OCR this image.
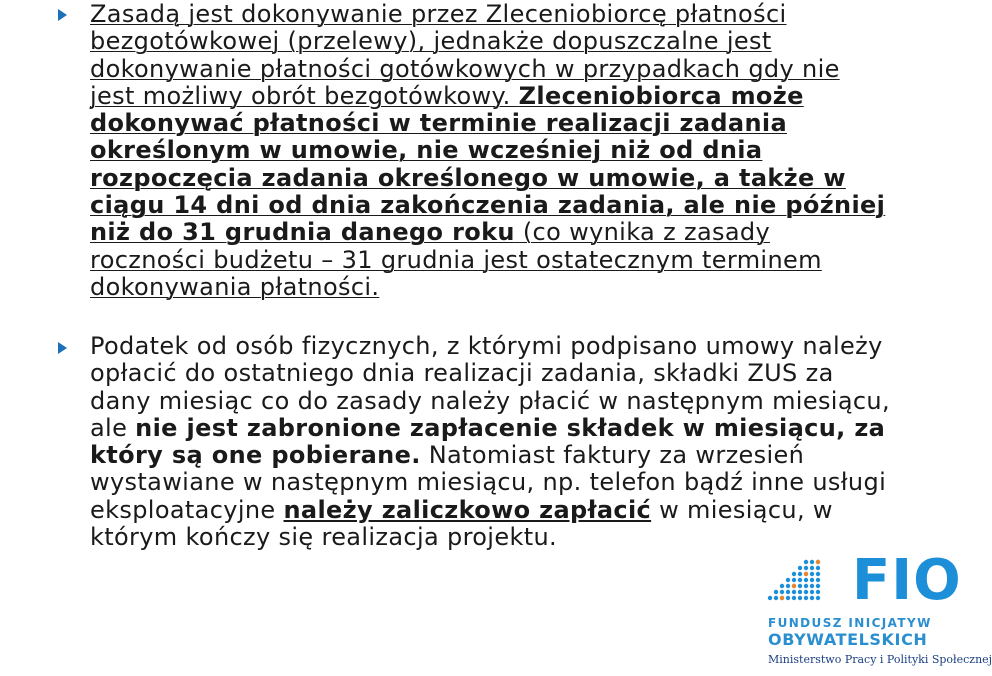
Zasadą jest dokonywanie przez Zleceniobiorcę płatności bezgotówkowej (przelewy), jednakże dopuszczalne jest dokonywanie płatności gotówkowych w przypadkach gdy nie jest możliwy obrót bezgotówkowy. Zleceniobiorca może dokonywać płatności w terminie realizacji zadania określonym w umowie, nie wcześniej niż od dnia rozpoczęcia zadania określonego w umowie, a także w ciągu 14 dni od dnia zakończenia zadania, ale nie później niż do 31 grudnia danego roku (co wynika z zasady roczności budżetu – 31 grudnia jest ostatecznym terminem dokonywania płatności.

Podatek od osób fizycznych, z którymi podpisano umowy należy opłacić do ostatniego dnia realizacji zadania, składki ZUS za dany miesiąc co do zasady należy płacić w następnym miesiącu, ale nie jest zabronione zapłacenie składek w miesiącu, za który są one pobierane. Natomiast faktury za wrzesień wystawiane w następnym miesiącu, np. telefon bądź inne usługi eksploatacyjne należy zaliczkowo zapłacić w miesiącu, w którym kończy się realizacja projektu.

FIO
FUNDUSZ INICJATYW
OBYWATELSKICH
Ministerstwo Pracy i Polityki Społecznej
